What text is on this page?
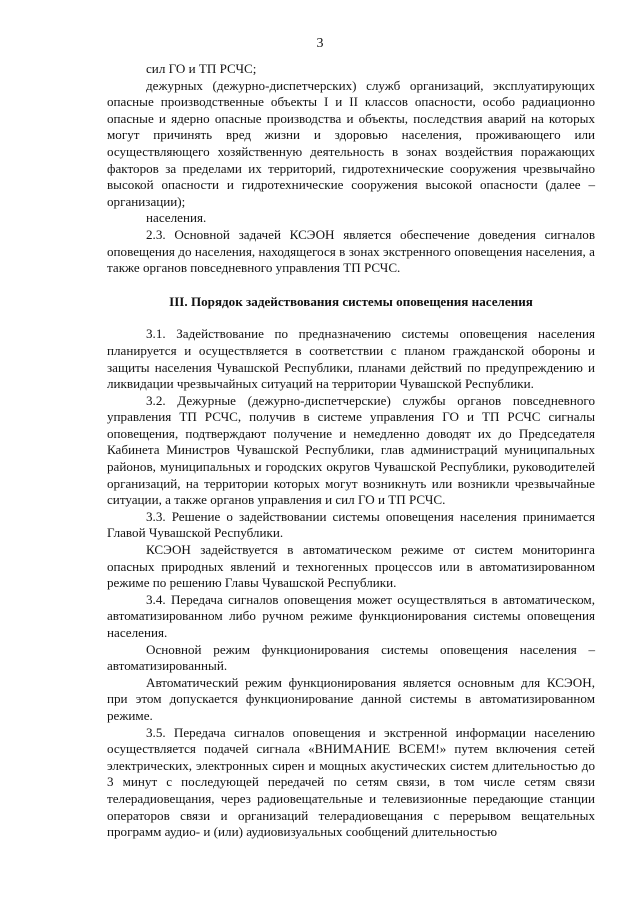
3

сил ГО и ТП РСЧС;

дежурных (дежурно-диспетчерских) служб организаций, эксплуатирующих опасные производственные объекты I и II классов опасности, особо радиационно опасные и ядерно опасные производства и объекты, последствия аварий на которых могут причинять вред жизни и здоровью населения, проживающего или осуществляющего хозяйственную деятельность в зонах воздействия поражающих факторов за пределами их территорий, гидротехнические сооружения чрезвычайно высокой опасности и гидротехнические сооружения высокой опасности (далее – организации);

населения.

2.3. Основной задачей КСЭОН является обеспечение доведения сигналов оповещения до населения, находящегося в зонах экстренного оповещения населения, а также органов повседневного управления ТП РСЧС.

III. Порядок задействования системы оповещения населения

3.1. Задействование по предназначению системы оповещения населения планируется и осуществляется в соответствии с планом гражданской обороны и защиты населения Чувашской Республики, планами действий по предупреждению и ликвидации чрезвычайных ситуаций на территории Чувашской Республики.

3.2. Дежурные (дежурно-диспетчерские) службы органов повседневного управления ТП РСЧС, получив в системе управления ГО и ТП РСЧС сигналы оповещения, подтверждают получение и немедленно доводят их до Председателя Кабинета Министров Чувашской Республики, глав администраций муниципальных районов, муниципальных и городских округов Чувашской Республики, руководителей организаций, на территории которых могут возникнуть или возникли чрезвычайные ситуации, а также органов управления и сил ГО и ТП РСЧС.

3.3. Решение о задействовании системы оповещения населения принимается Главой Чувашской Республики.

КСЭОН задействуется в автоматическом режиме от систем мониторинга опасных природных явлений и техногенных процессов или в автоматизированном режиме по решению Главы Чувашской Республики.

3.4. Передача сигналов оповещения может осуществляться в автоматическом, автоматизированном либо ручном режиме функционирования системы оповещения населения.

Основной режим функционирования системы оповещения населения – автоматизированный.

Автоматический режим функционирования является основным для КСЭОН, при этом допускается функционирование данной системы в автоматизированном режиме.

3.5. Передача сигналов оповещения и экстренной информации населению осуществляется подачей сигнала «ВНИМАНИЕ ВСЕМ!» путем включения сетей электрических, электронных сирен и мощных акустических систем длительностью до 3 минут с последующей передачей по сетям связи, в том числе сетям связи телерадиовещания, через радиовещательные и телевизионные передающие станции операторов связи и организаций телерадиовещания с перерывом вещательных программ аудио- и (или) аудиовизуальных сообщений длительностью
